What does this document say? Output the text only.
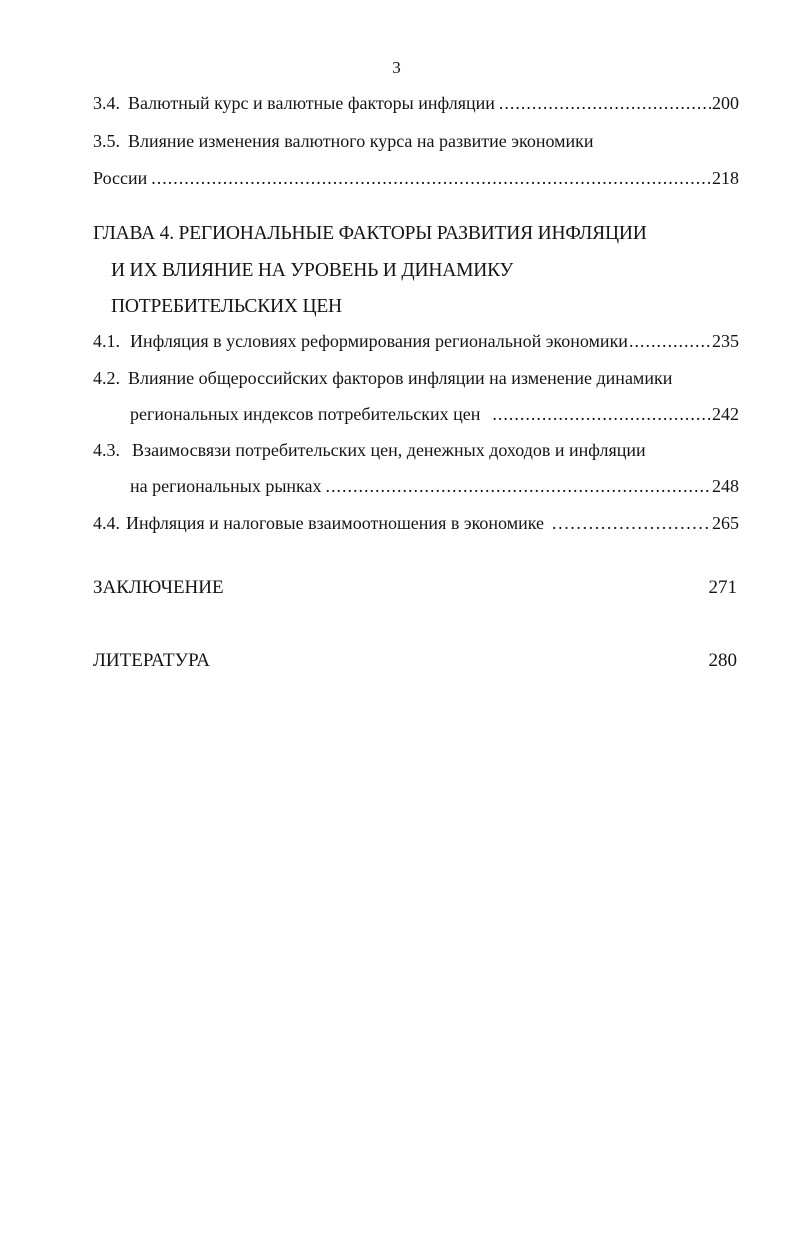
3
3.4. Валютный курс и валютные факторы инфляции .....	200
3.5. Влияние изменения валютного курса на развитие экономики
России .....	218
ГЛАВА 4. РЕГИОНАЛЬНЫЕ ФАКТОРЫ РАЗВИТИЯ ИНФЛЯЦИИ
И ИХ ВЛИЯНИЕ НА УРОВЕНЬ И ДИНАМИКУ
ПОТРЕБИТЕЛЬСКИХ ЦЕН
4.1. Инфляция в условиях реформирования региональной экономики .....	235
4.2. Влияние общероссийских факторов инфляции на изменение динамики
региональных индексов потребительских цен .....	242
4.3. Взаимосвязи потребительских цен, денежных доходов и инфляции
на региональных рынках .....	248
4.4. Инфляция и налоговые взаимоотношения в экономике .....	265
ЗАКЛЮЧЕНИЕ	271
ЛИТЕРАТУРА	280
